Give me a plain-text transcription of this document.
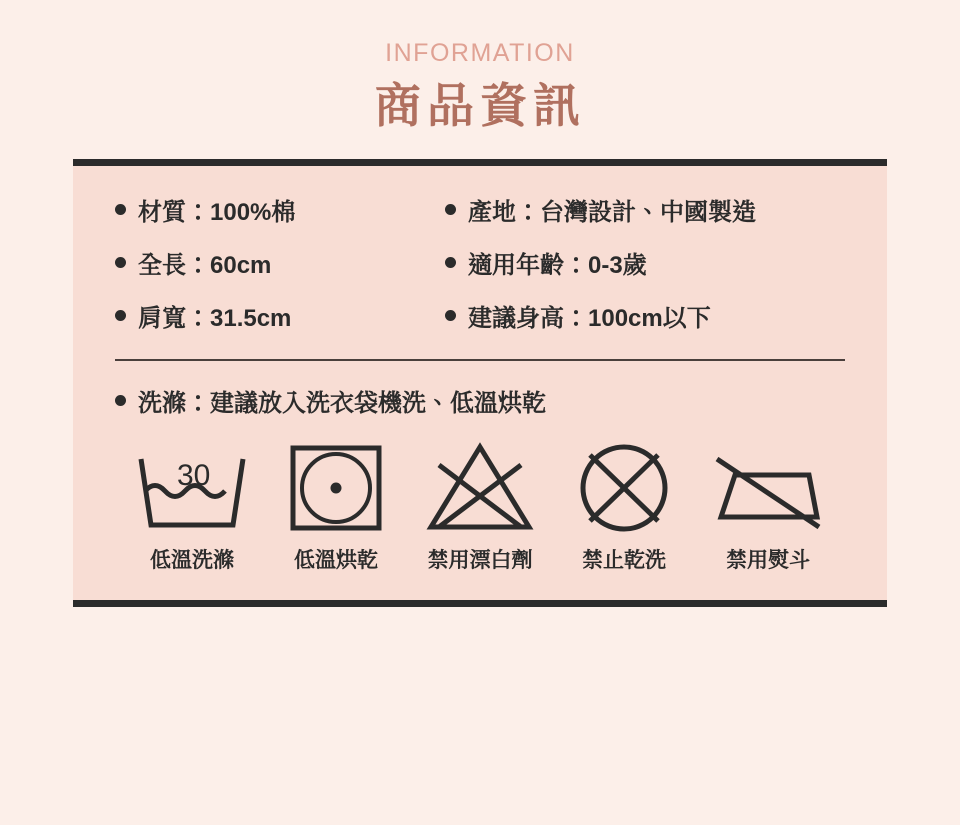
INFORMATION
商品資訊
材質：100%棉
全長：60cm
肩寬：31.5cm
產地：台灣設計、中國製造
適用年齡：0-3歲
建議身高：100cm以下
洗滌：建議放入洗衣袋機洗、低溫烘乾
30
低溫洗滌	低溫烘乾 禁用漂白劑 禁止乾洗	禁用熨斗
